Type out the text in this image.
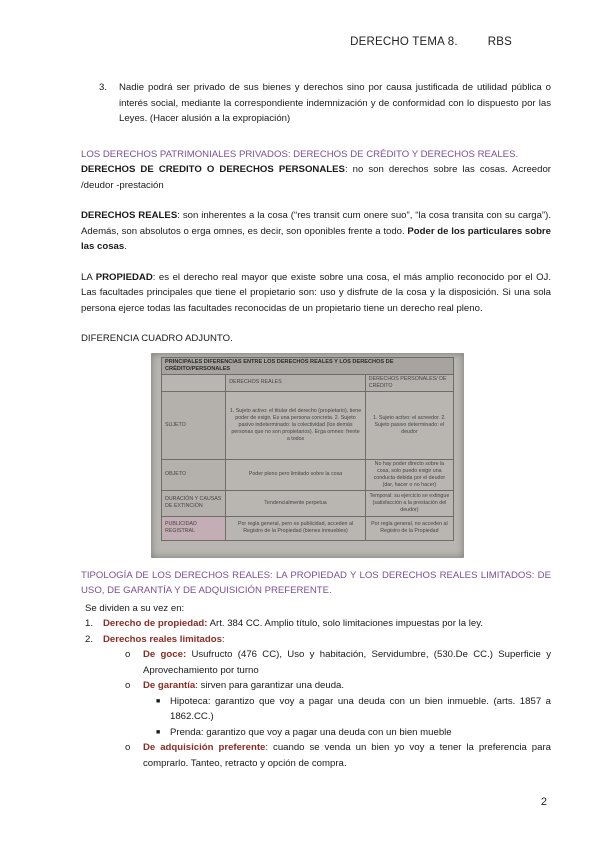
DERECHO TEMA 8.	RBS
3.	Nadie podrá ser privado de sus bienes y derechos sino por causa justificada de utilidad pública o interés social, mediante la correspondiente indemnización y de conformidad con lo dispuesto por las Leyes. (Hacer alusión a la expropiación)

LOS DERECHOS PATRIMONIALES PRIVADOS: DERECHOS DE CRÉDITO Y DERECHOS REALES.

DERECHOS DE CREDITO O DERECHOS PERSONALES: no son derechos sobre las cosas. Acreedor /deudor -prestación

DERECHOS REALES: son inherentes a la cosa (“res transit cum onere suo”, “la cosa transita con su carga”). Además, son absolutos o erga omnes, es decir, son oponibles frente a todo. Poder de los particulares sobre las cosas.

LA PROPIEDAD: es el derecho real mayor que existe sobre una cosa, el más amplio reconocido por el OJ. Las facultades principales que tiene el propietario son: uso y disfrute de la cosa y la disposición. Si una sola persona ejerce todas las facultades reconocidas de un propietario tiene un derecho real pleno.

DIFERENCIA CUADRO ADJUNTO.

PRINCIPALES DIFERENCIAS ENTRE LOS DERECHOS REALES Y LOS DERECHOS DE CRÉDITO/PERSONALES		
	DERECHOS REALES	DERECHOS PERSONALES/ DE CRÉDITO
SUJETO	1. Sujeto activo: el titular del derecho (propietario), tiene poder de exigir. Es una persona concreta. 2. Sujeto pasivo indeterminado: la colectividad (los demás personas que no son propietarios). Erga omnes: frente a todos	1. Sujeto activo: el acreedor. 2. Sujeto pasivo determinado: el deudor
OBJETO	Poder pleno pero limitado sobre la cosa	No hay poder directo sobre la cosa, solo puedo exigir una conducta debida por el deudor (dar, hacer o no hacer)
DURACIÓN Y CAUSAS DE EXTINCIÓN	Tendencialmente perpetua	Temporal: su ejercicio se extingue (satisfacción a la prestación del deudor)
PUBLICIDAD REGISTRAL	Por regla general, pero es publicidad, acceden al Registro de la Propiedad (bienes inmuebles)	Por regla general, no acceden al Registro de la Propiedad

TIPOLOGÍA DE LOS DERECHOS REALES: LA PROPIEDAD Y LOS DERECHOS REALES LIMITADOS: DE USO, DE GARANTÍA Y DE ADQUISICIÓN PREFERENTE.

Se dividen a su vez en:

1.	Derecho de propiedad: Art. 384 CC. Amplio título, solo limitaciones impuestas por la ley.
2.	Derechos reales limitados:
o	De goce: Usufructo (476 CC), Uso y habitación, Servidumbre, (530.De CC.) Superficie y Aprovechamiento por turno
o	De garantía: sirven para garantizar una deuda.
■	Hipoteca: garantizo que voy a pagar una deuda con un bien inmueble. (arts. 1857 a 1862.CC.)
■	Prenda: garantizo que voy a pagar una deuda con un bien mueble
o	De adquisición preferente: cuando se venda un bien yo voy a tener la preferencia para comprarlo. Tanteo, retracto y opción de compra.
2
